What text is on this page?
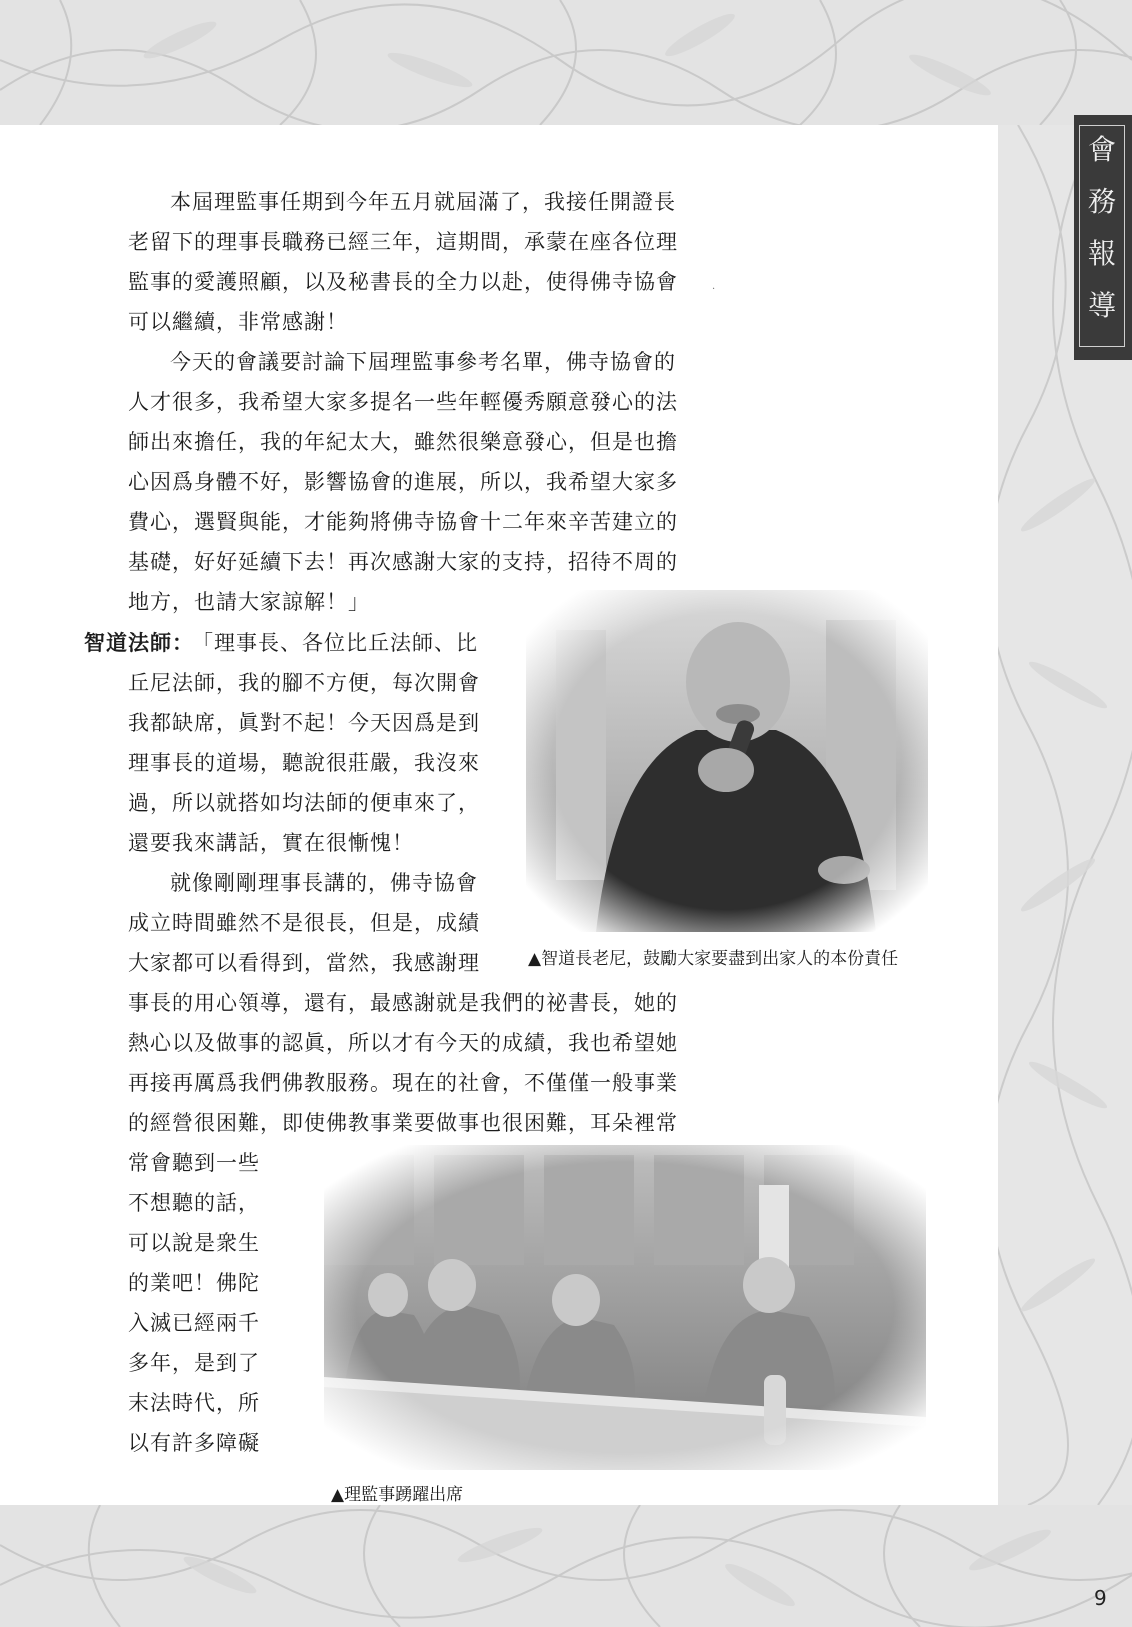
會
務
報
導
本屆理監事任期到今年五月就屆滿了，我接任開證長
老留下的理事長職務已經三年，這期間，承蒙在座各位理
監事的愛護照顧，以及秘書長的全力以赴，使得佛寺協會
可以繼續，非常感謝！
今天的會議要討論下屆理監事參考名單，佛寺協會的
人才很多，我希望大家多提名一些年輕優秀願意發心的法
師出來擔任，我的年紀太大，雖然很樂意發心，但是也擔
心因爲身體不好，影響協會的進展，所以，我希望大家多
費心，選賢與能，才能夠將佛寺協會十二年來辛苦建立的
基礎，好好延續下去！再次感謝大家的支持，招待不周的
地方，也請大家諒解！」
智道法師：
「理事長、各位比丘法師、比
丘尼法師，我的腳不方便，每次開會
我都缺席，眞對不起！今天因爲是到
理事長的道場，聽說很莊嚴，我沒來
過，所以就搭如均法師的便車來了，
還要我來講話，實在很慚愧！
就像剛剛理事長講的，佛寺協會
成立時間雖然不是很長，但是，成績
大家都可以看得到，當然，我感謝理
事長的用心領導，還有，最感謝就是我們的祕書長，她的
熱心以及做事的認眞，所以才有今天的成績，我也希望她
再接再厲爲我們佛教服務。現在的社會，不僅僅一般事業
的經營很困難，即使佛教事業要做事也很困難，耳朵裡常
常會聽到一些
不想聽的話，
可以說是衆生
的業吧！佛陀
入滅已經兩千
多年，是到了
末法時代，所
以有許多障礙
·
▲智道長老尼，鼓勵大家要盡到出家人的本份責任
▲理監事踴躍出席
9
